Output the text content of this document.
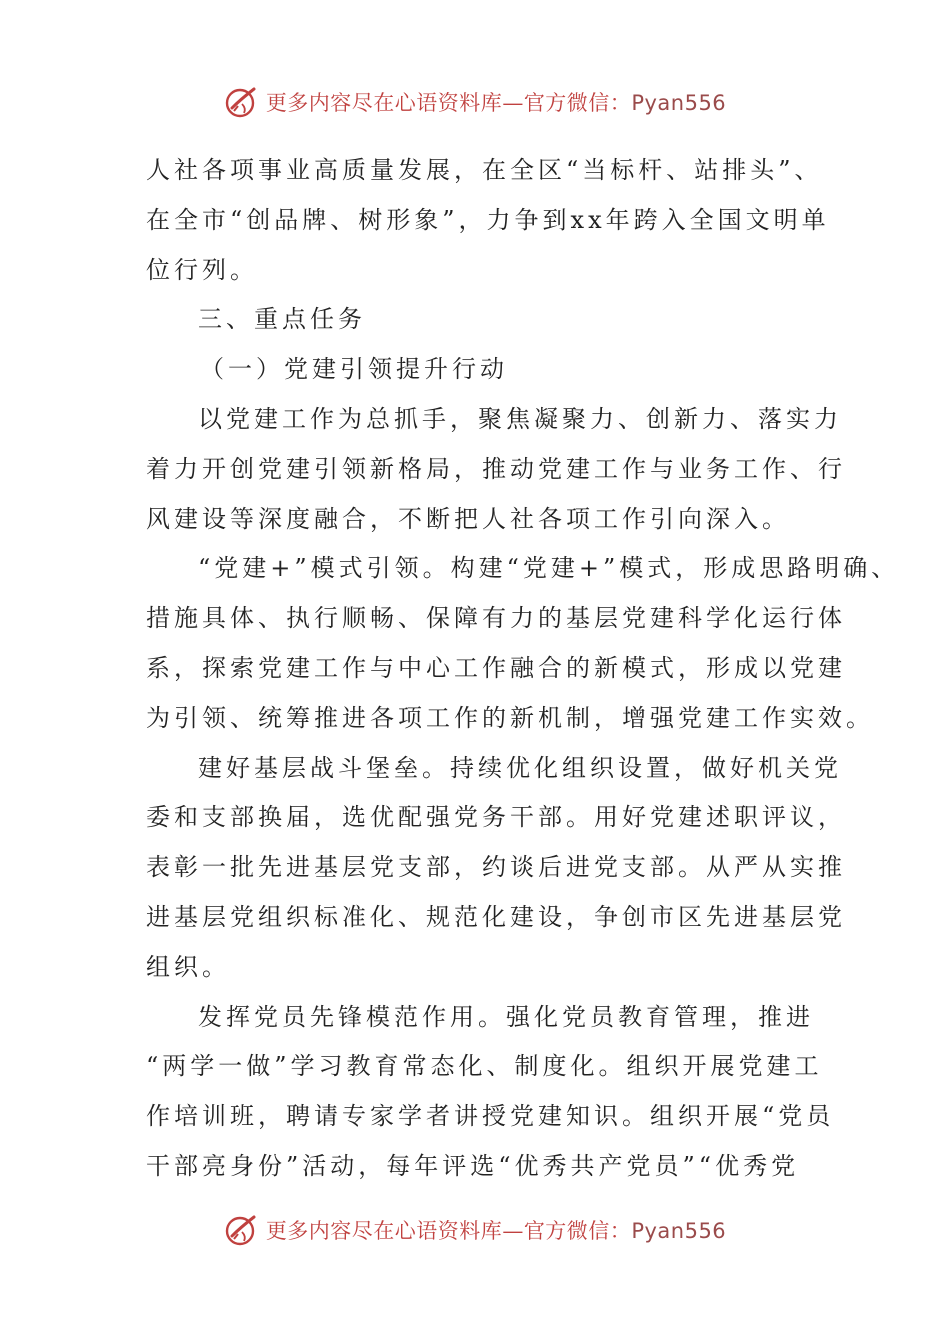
更多内容尽在心语资料库—官方微信：Pyan556
人社各项事业高质量发展，在全区“当标杆、站排头”、
在全市“创品牌、树形象”，力争到xx年跨入全国文明单
位行列。
三、重点任务
（一）党建引领提升行动
以党建工作为总抓手，聚焦凝聚力、创新力、落实力
着力开创党建引领新格局，推动党建工作与业务工作、行
风建设等深度融合，不断把人社各项工作引向深入。
“党建+”模式引领。构建“党建+”模式，形成思路明确、
措施具体、执行顺畅、保障有力的基层党建科学化运行体
系，探索党建工作与中心工作融合的新模式，形成以党建
为引领、统筹推进各项工作的新机制，增强党建工作实效。
建好基层战斗堡垒。持续优化组织设置，做好机关党
委和支部换届，选优配强党务干部。用好党建述职评议，
表彰一批先进基层党支部，约谈后进党支部。从严从实推
进基层党组织标准化、规范化建设，争创市区先进基层党
组织。
发挥党员先锋模范作用。强化党员教育管理，推进
“两学一做”学习教育常态化、制度化。组织开展党建工
作培训班，聘请专家学者讲授党建知识。组织开展“党员
干部亮身份”活动，每年评选“优秀共产党员”“优秀党
更多内容尽在心语资料库—官方微信：Pyan556
